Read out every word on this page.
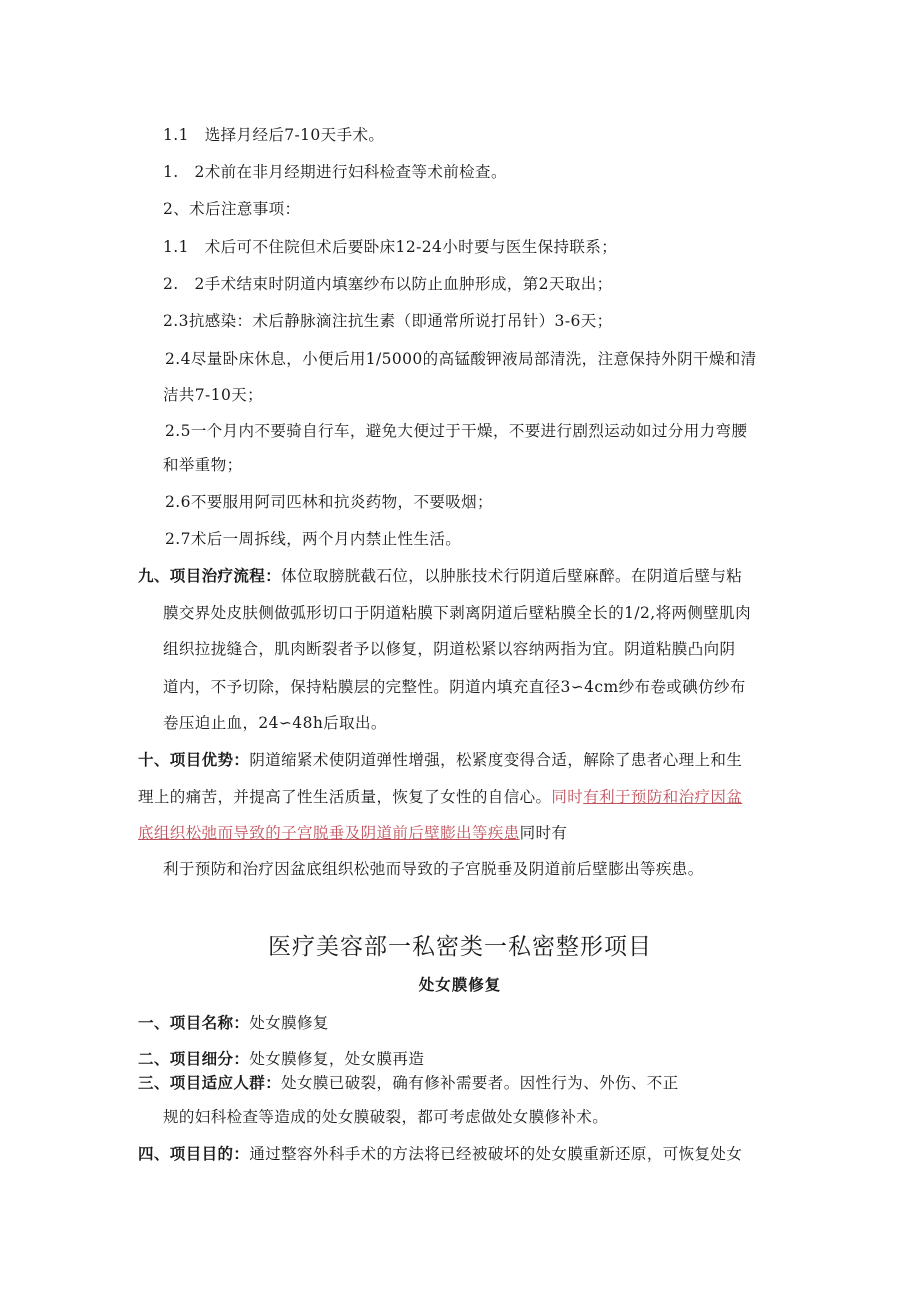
1.1　选择月经后7-10天手术。
1.　2术前在非月经期进行妇科检查等术前检查。
2、术后注意事项：
1.1　术后可不住院但术后要卧床12-24小时要与医生保持联系；
2.　2手术结束时阴道内填塞纱布以防止血肿形成，第2天取出；
2.3抗感染：术后静脉滴注抗生素（即通常所说打吊针）3-6天；
2.4尽量卧床休息，小便后用1/5000的高锰酸钾液局部清洗，注意保持外阴干燥和清
洁共7-10天；
2.5一个月内不要骑自行车，避免大便过于干燥，不要进行剧烈运动如过分用力弯腰
和举重物；
2.6不要服用阿司匹林和抗炎药物，不要吸烟；
2.7术后一周拆线，两个月内禁止性生活。
九、项目治疗流程：体位取膀胱截石位，以肿胀技术行阴道后壁麻醉。在阴道后壁与粘
膜交界处皮肤侧做弧形切口于阴道粘膜下剥离阴道后壁粘膜全长的1/2,将两侧壁肌肉
组织拉拢缝合，肌肉断裂者予以修复，阴道松紧以容纳两指为宜。阴道粘膜凸向阴
道内，不予切除，保持粘膜层的完整性。阴道内填充直径3∽4cm纱布卷或碘仿纱布
卷压迫止血，24∽48h后取出。
十、项目优势：阴道缩紧术使阴道弹性增强，松紧度变得合适，解除了患者心理上和生
理上的痛苦，并提高了性生活质量，恢复了女性的自信心。同时有利于预防和治疗因盆
底组织松弛而导致的子宫脱垂及阴道前后壁膨出等疾患同时有
利于预防和治疗因盆底组织松弛而导致的子宫脱垂及阴道前后壁膨出等疾患。
医疗美容部一私密类一私密整形项目
处女膜修复
一、项目名称：处女膜修复
二、项目细分：处女膜修复，处女膜再造
三、项目适应人群：处女膜已破裂，确有修补需要者。因性行为、外伤、不正
规的妇科检查等造成的处女膜破裂，都可考虑做处女膜修补术。
四、项目目的：通过整容外科手术的方法将已经被破坏的处女膜重新还原，可恢复处女
